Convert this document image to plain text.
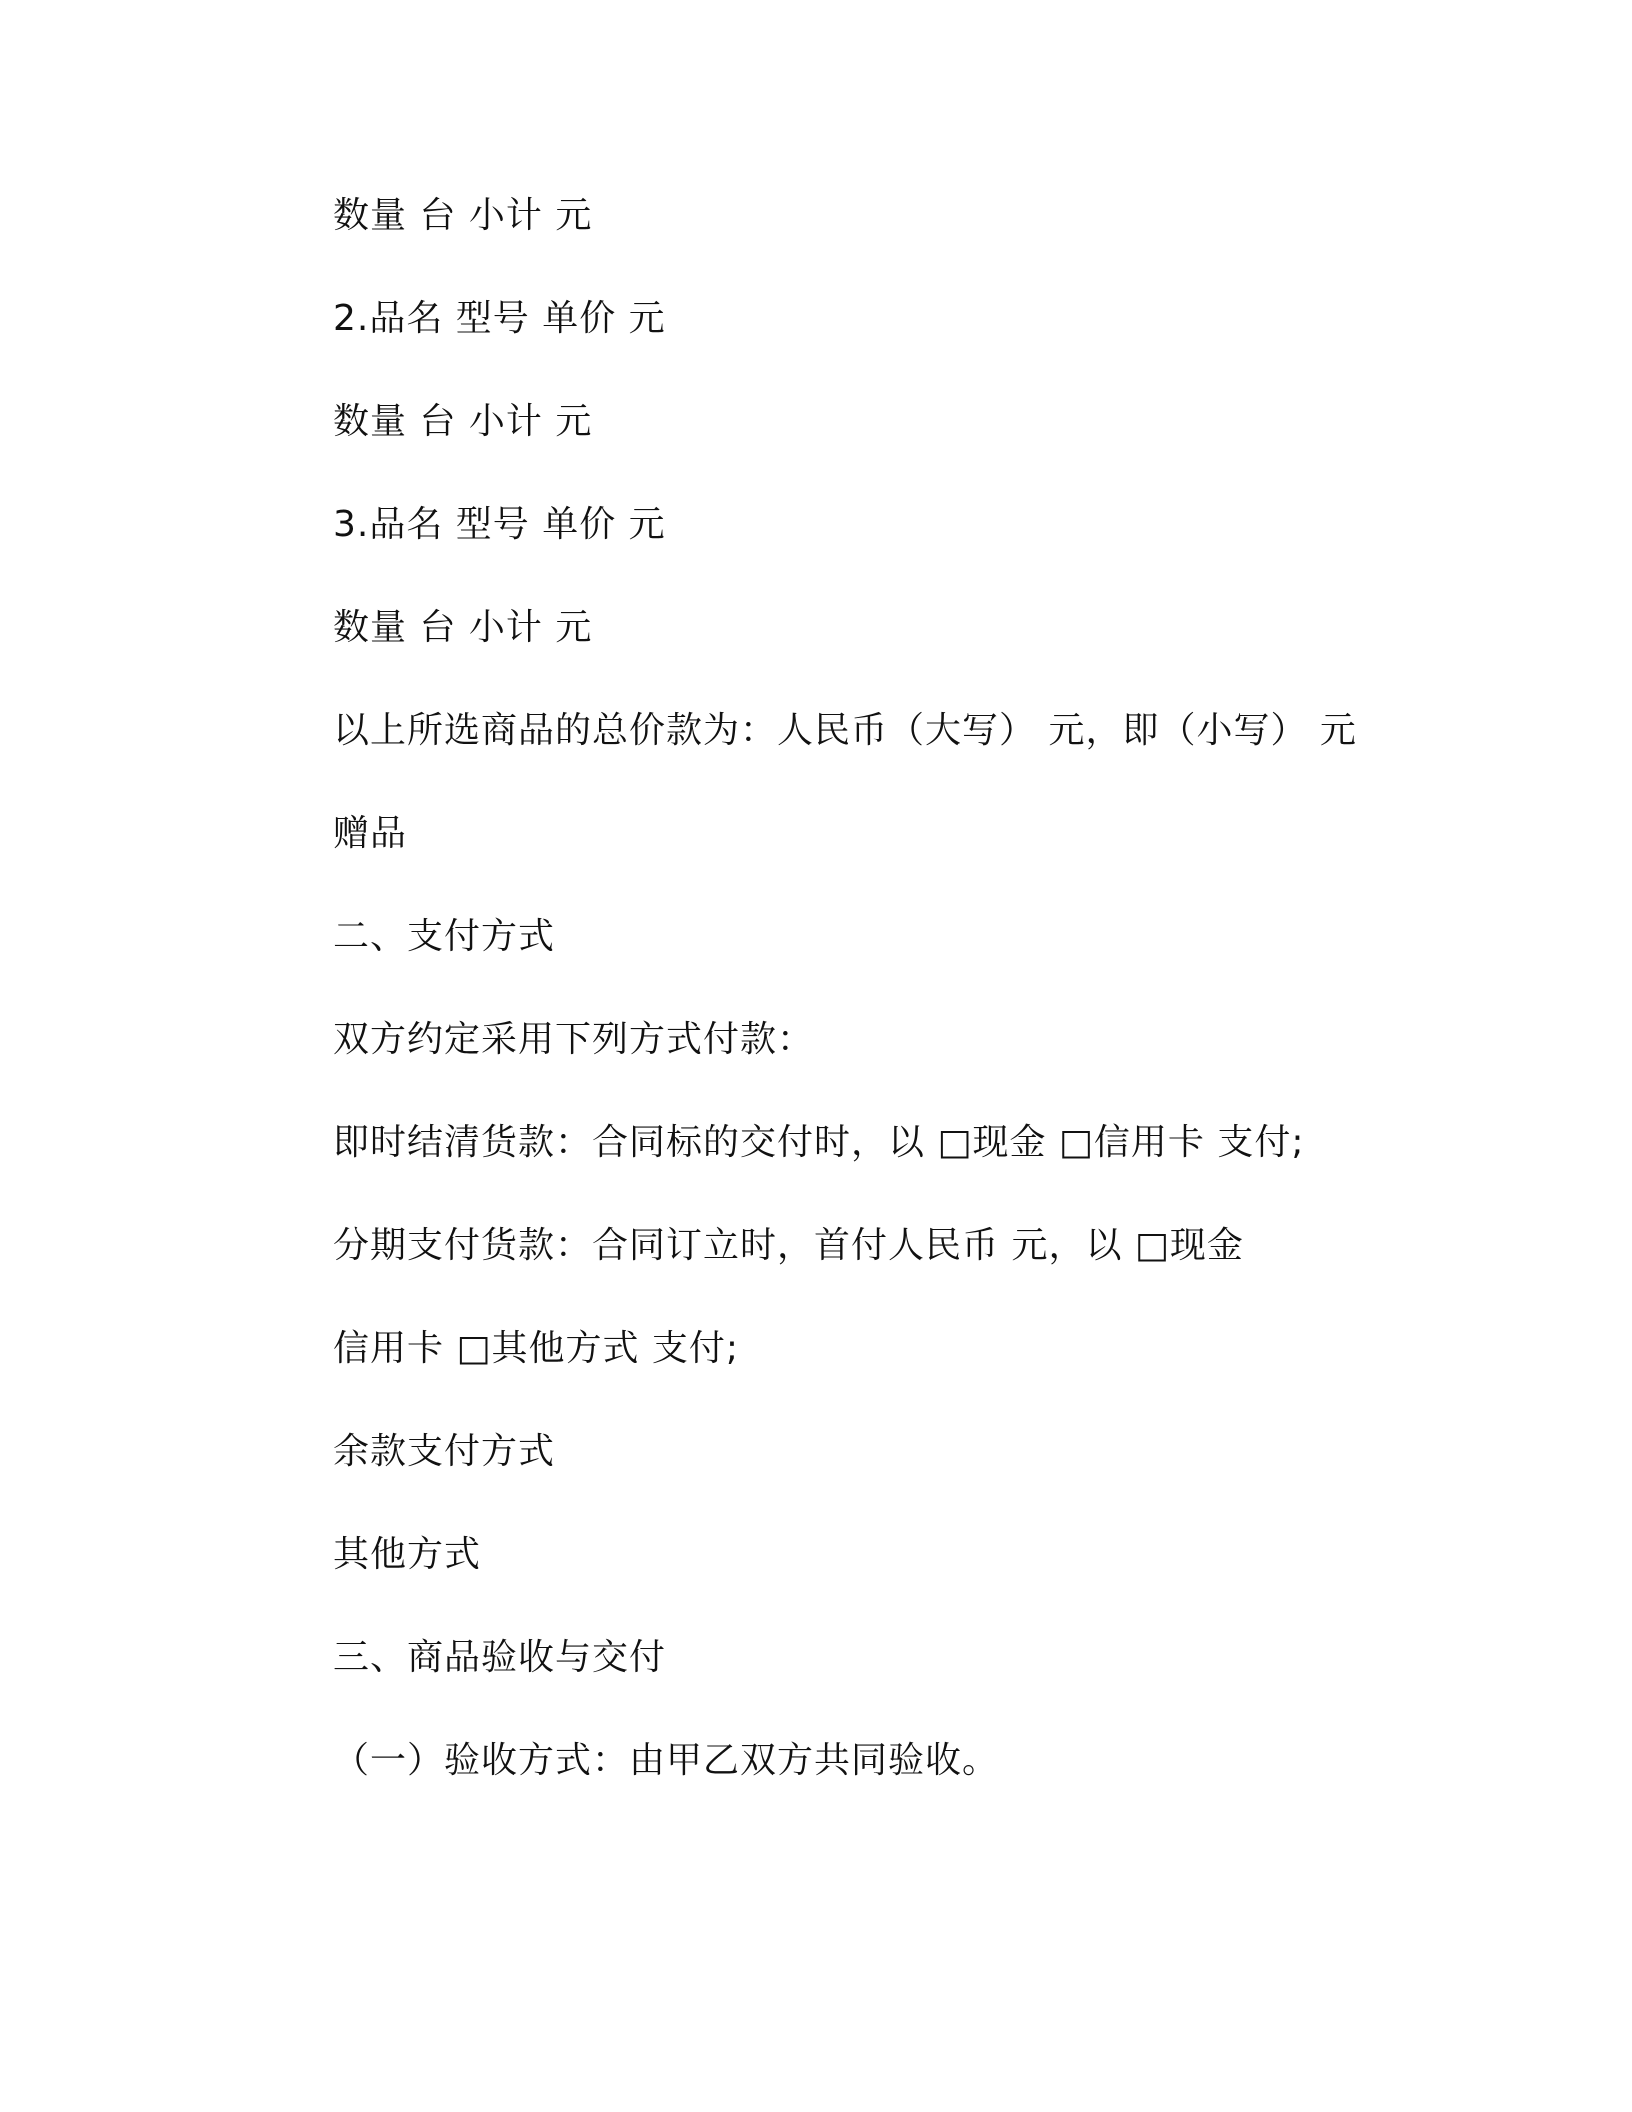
数量 台 小计 元
2.品名 型号 单价 元
数量 台 小计 元
3.品名 型号 单价 元
数量 台 小计 元
以上所选商品的总价款为：人民币（大写） 元，即（小写） 元
赠品
二、支付方式
双方约定采用下列方式付款：
即时结清货款：合同标的交付时，以 □现金 □信用卡 支付;
分期支付货款：合同订立时，首付人民币 元，以 □现金
信用卡 □其他方式 支付;
余款支付方式
其他方式
三、商品验收与交付
（一）验收方式：由甲乙双方共同验收。
